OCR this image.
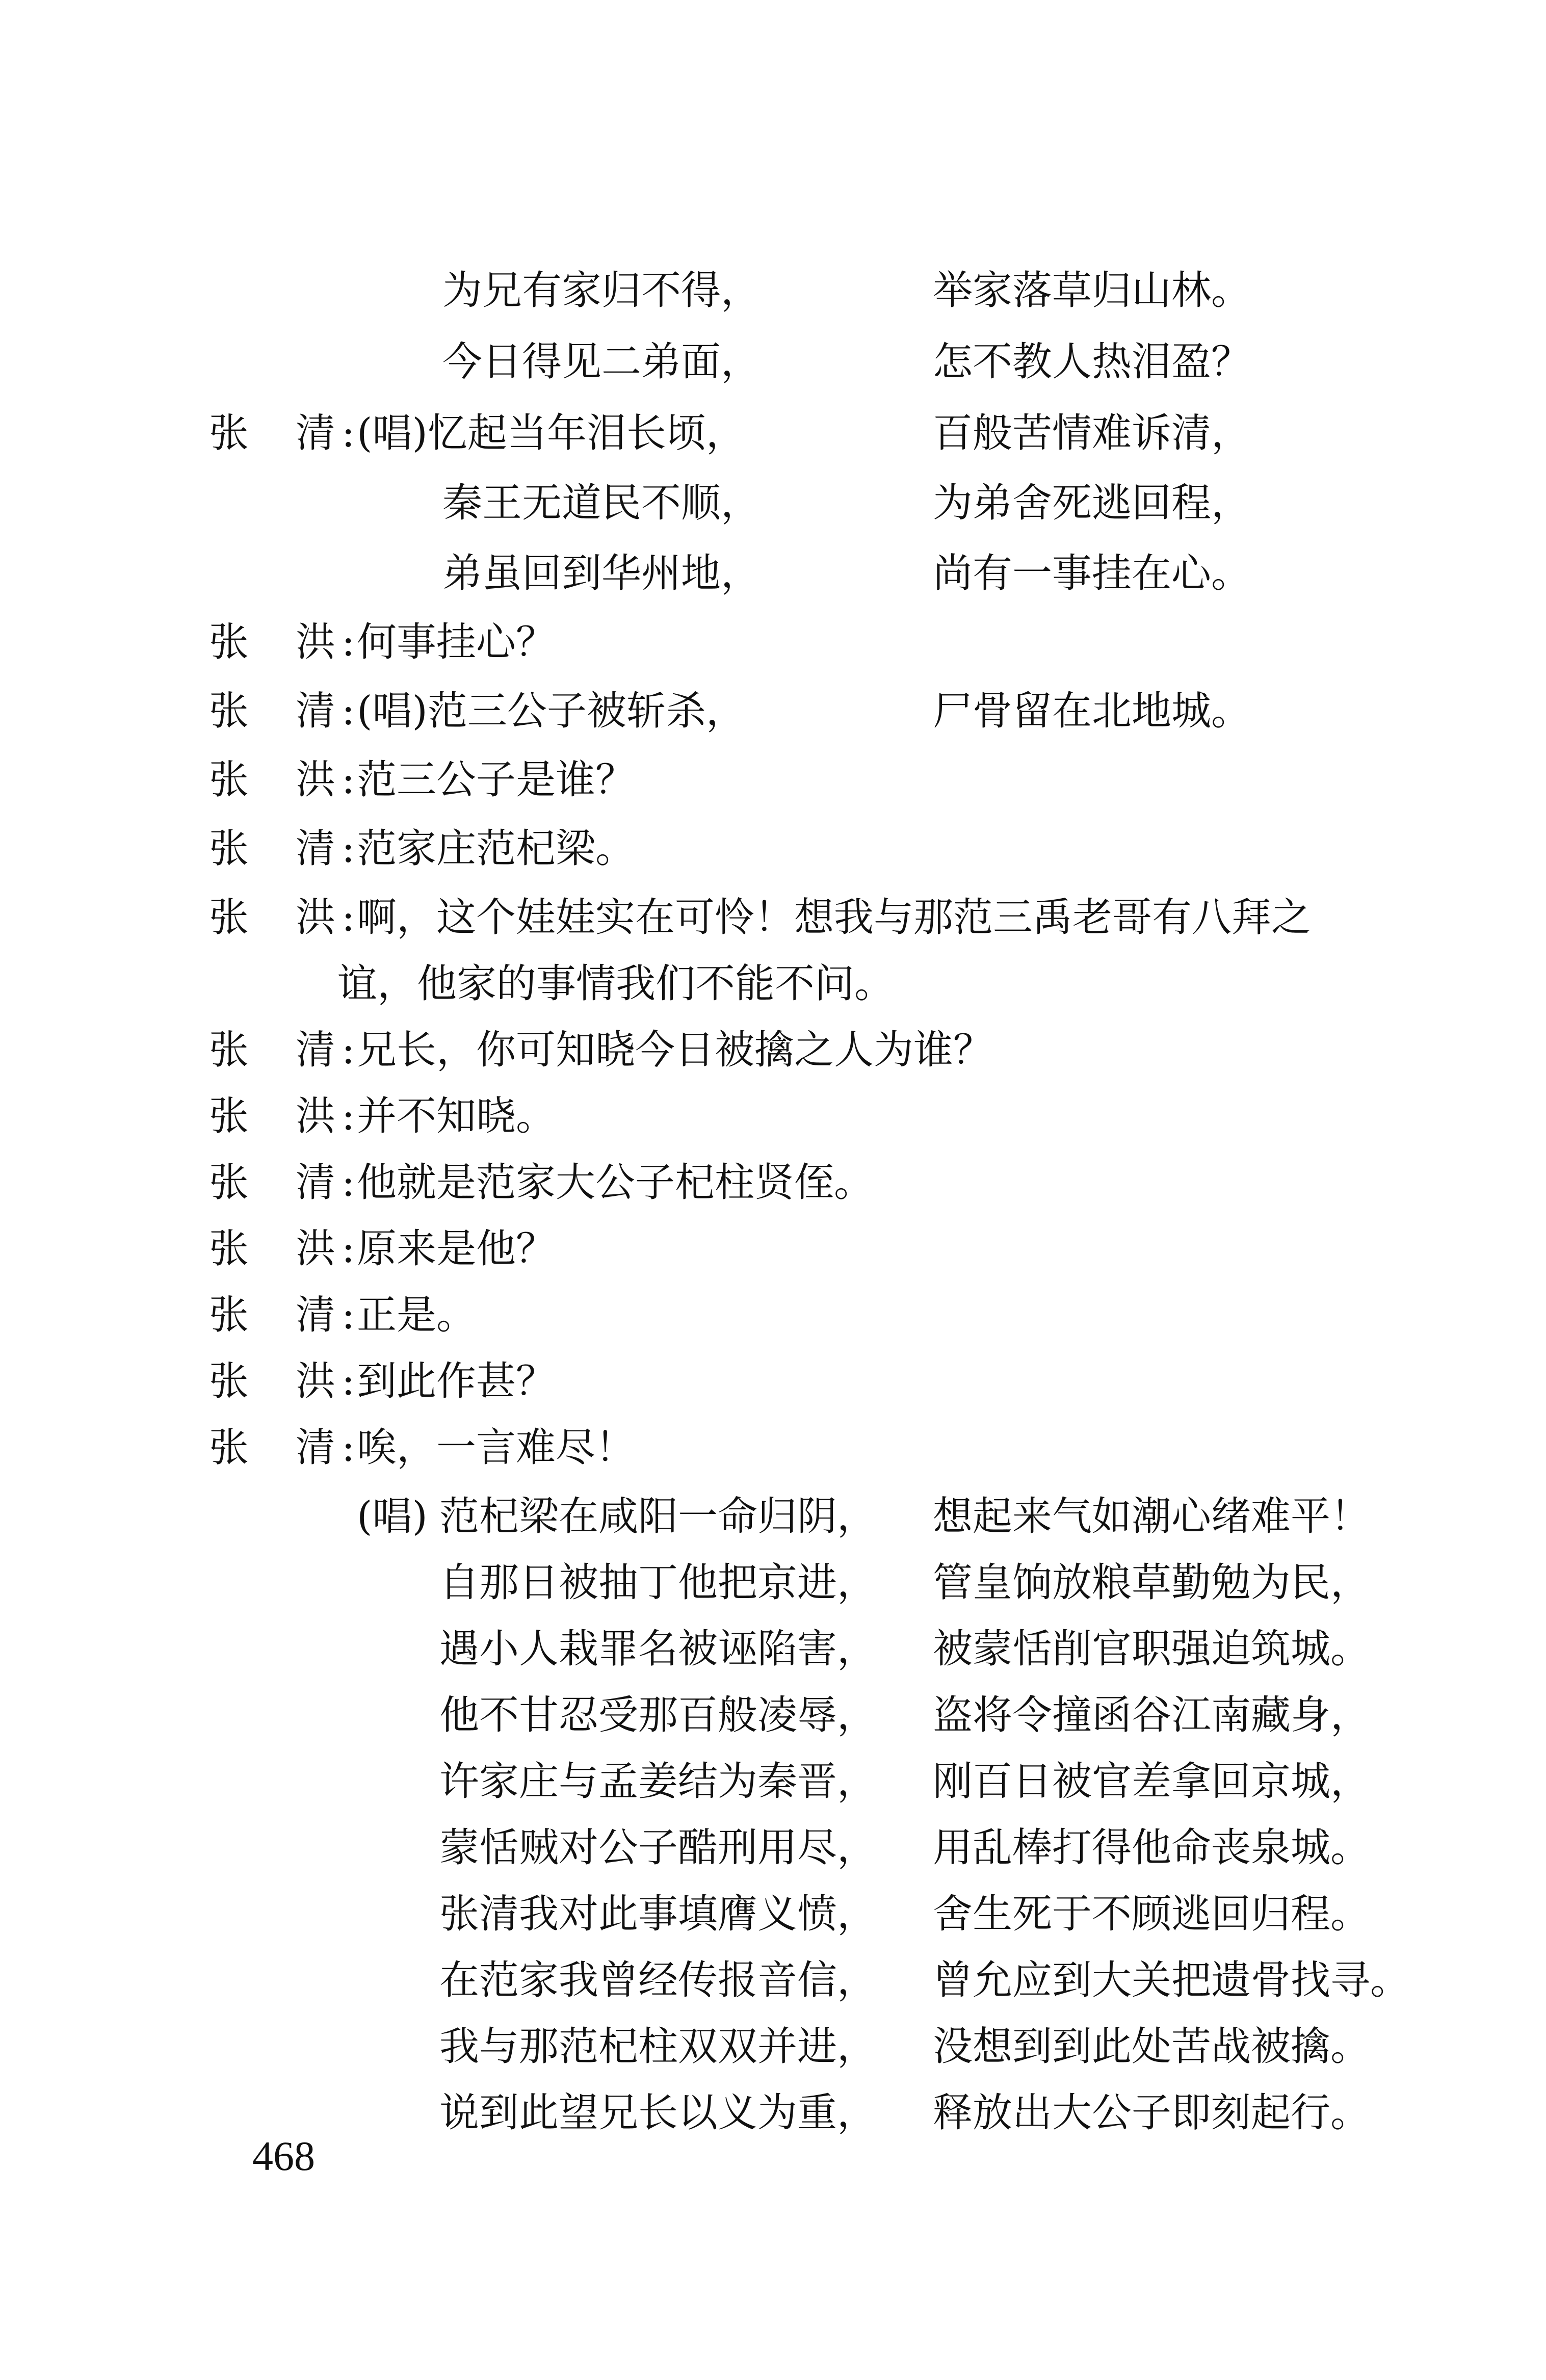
为兄有家归不得，	举家落草归山林。
今日得见二弟面，	怎不教人热泪盈？
张 清 : (唱)忆起当年泪长顷，	百般苦情难诉清，
秦王无道民不顺，	为弟舍死逃回程，
弟虽回到华州地，	尚有一事挂在心。
张 洪 : 何事挂心？
张 清 : (唱)范三公子被斩杀，	尸骨留在北地城。
张 洪 : 范三公子是谁？
张 清 : 范家庄范杞梁。
张 洪 : 啊，这个娃娃实在可怜！想我与那范三禹老哥有八拜之
谊，他家的事情我们不能不问。
张 清 : 兄长，你可知晓今日被擒之人为谁？
张 洪 : 并不知晓。
张 清 : 他就是范家大公子杞柱贤侄。
张 洪 : 原来是他？
张 清 : 正是。
张 洪 : 到此作甚？
张 清 : 唉，一言难尽！
(唱) 范杞梁在咸阳一命归阴， 想起来气如潮心绪难平！
自那日被抽丁他把京进， 管皇饷放粮草勤勉为民，
遇小人栽罪名被诬陷害， 被蒙恬削官职强迫筑城。
他不甘忍受那百般凌辱， 盗将令撞函谷江南藏身，
许家庄与孟姜结为秦晋， 刚百日被官差拿回京城，
蒙恬贼对公子酷刑用尽， 用乱棒打得他命丧泉城。
张清我对此事填膺义愤， 舍生死于不顾逃回归程。
在范家我曾经传报音信， 曾允应到大关把遗骨找寻。
我与那范杞柱双双并进， 没想到到此处苦战被擒。
说到此望兄长以义为重， 释放出大公子即刻起行。
468
